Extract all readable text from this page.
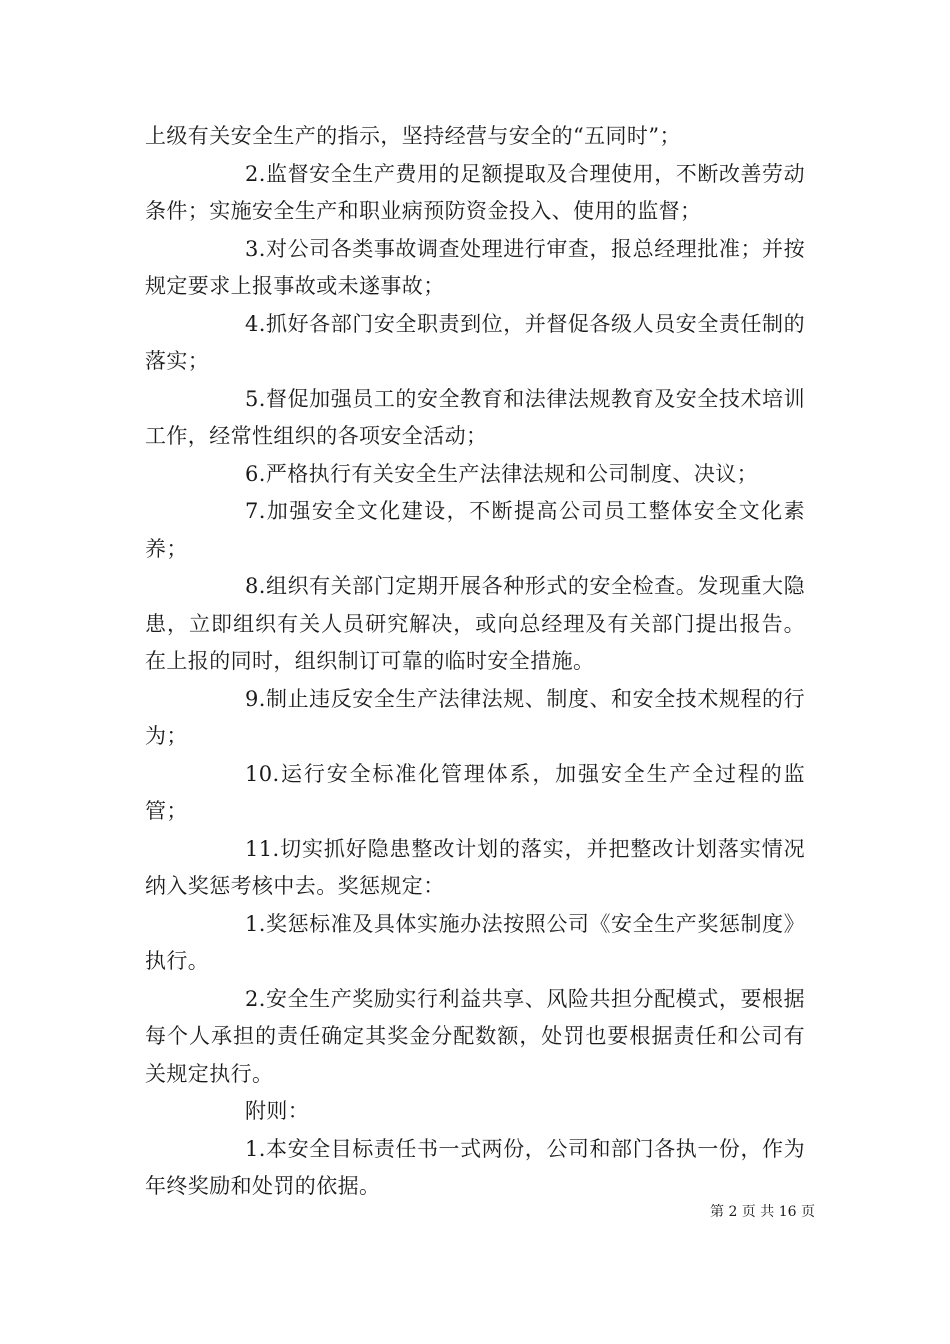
上级有关安全生产的指示，坚持经营与安全的“五同时”；

2.监督安全生产费用的足额提取及合理使用，不断改善劳动条件；实施安全生产和职业病预防资金投入、使用的监督；

3.对公司各类事故调查处理进行审查，报总经理批准；并按规定要求上报事故或未遂事故；

4.抓好各部门安全职责到位，并督促各级人员安全责任制的落实；

5.督促加强员工的安全教育和法律法规教育及安全技术培训工作，经常性组织的各项安全活动；

6.严格执行有关安全生产法律法规和公司制度、决议；

7.加强安全文化建设，不断提高公司员工整体安全文化素养；

8.组织有关部门定期开展各种形式的安全检查。发现重大隐患，立即组织有关人员研究解决，或向总经理及有关部门提出报告。在上报的同时，组织制订可靠的临时安全措施。

9.制止违反安全生产法律法规、制度、和安全技术规程的行为；

10.运行安全标准化管理体系，加强安全生产全过程的监管；

11.切实抓好隐患整改计划的落实，并把整改计划落实情况纳入奖惩考核中去。奖惩规定：

1.奖惩标准及具体实施办法按照公司《安全生产奖惩制度》执行。

2.安全生产奖励实行利益共享、风险共担分配模式，要根据每个人承担的责任确定其奖金分配数额，处罚也要根据责任和公司有关规定执行。

附则：

1.本安全目标责任书一式两份，公司和部门各执一份，作为年终奖励和处罚的依据。

第 2 页 共 16 页
